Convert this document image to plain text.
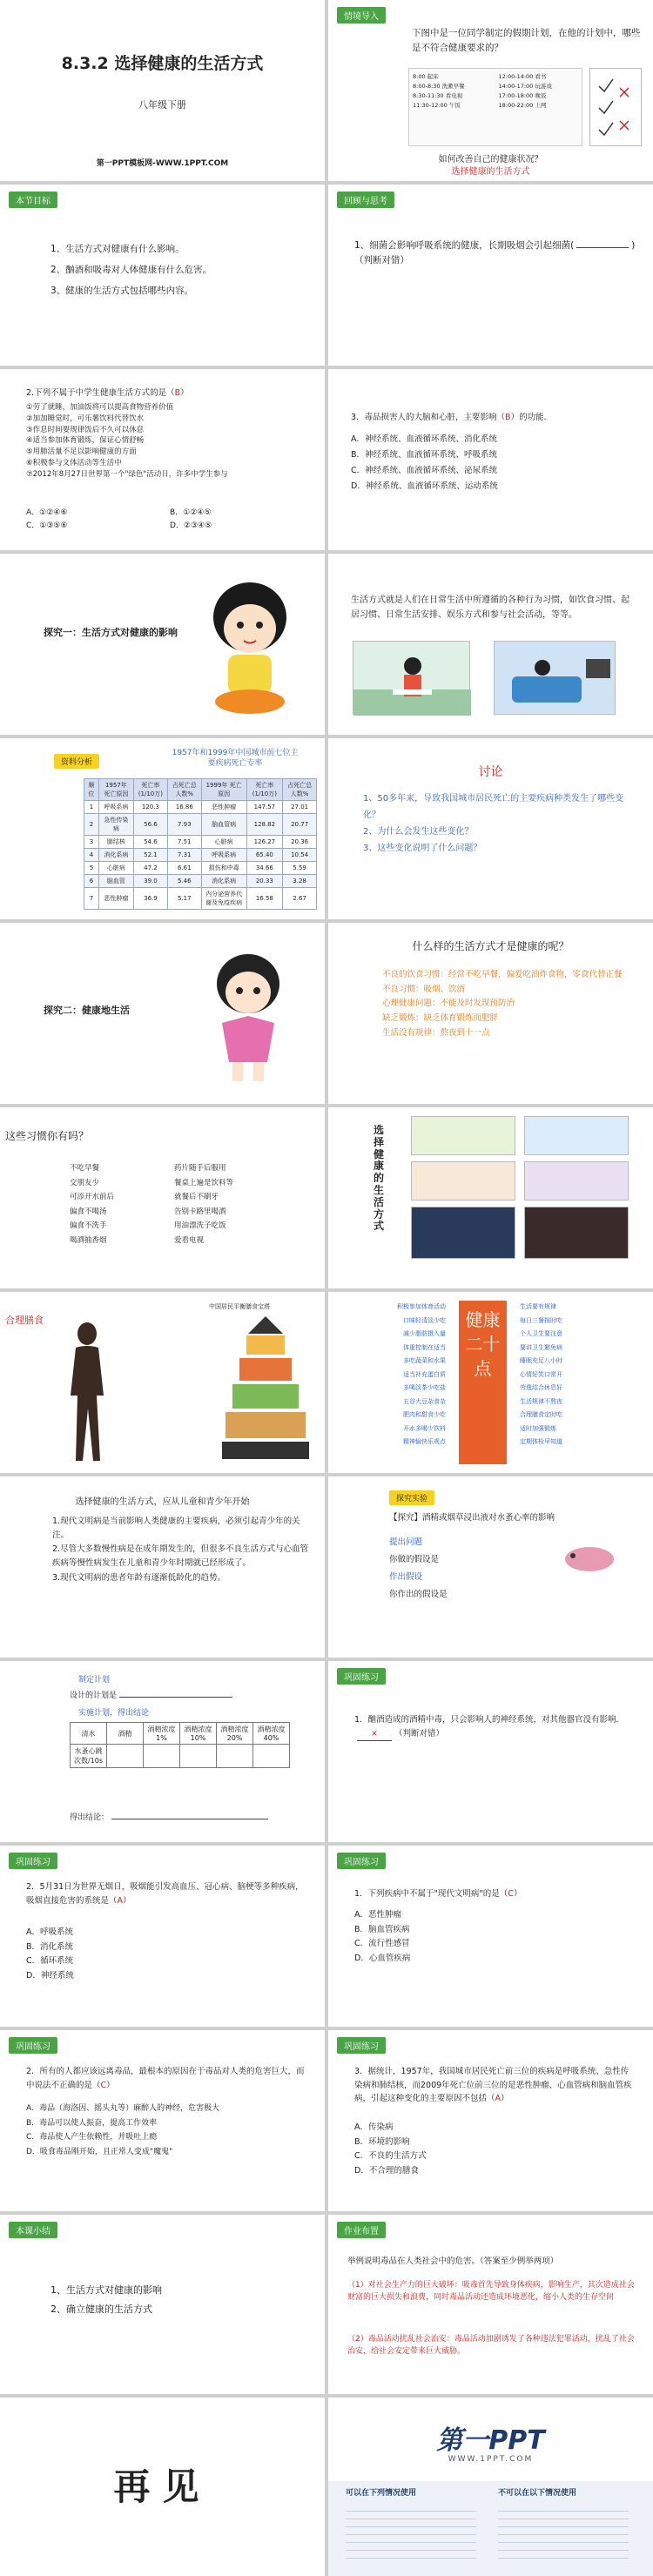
8.3.2 选择健康的生活方式
八年级下册
第一PPT模板网-WWW.1PPT.COM
情境导入
下图中是一位同学制定的假期计划，在他的计划中，哪些是不符合健康要求的？
8:00 起床
8:00-8:30 洗漱早餐
8:30-11:30 看电视
11:30-12:00 午饭
12:00-14:00 看书
14:00-17:00 玩游戏
17:00-18:00 晚饭
18:00-22:00 上网
如何改善自己的健康状况？
选择健康的生活方式
本节目标
1、生活方式对健康有什么影响。
2、酗酒和吸毒对人体健康有什么危害。
3、健康的生活方式包括哪些内容。
回顾与思考
1、细菌会影响呼吸系统的健康，长期吸烟会引起细菌(	)（判断对错）
2.下列不属于中学生健康生活方式的是（B）
①劳了就睡，加油饭将可以提高食物营养价值
②加加睡觉时，可乐薯饮料代替饮水
③作息时间要规律饭后不久可以休息
④适当参加体育锻炼，保证心情舒畅
⑤用肺活量不足以影响健康的方面
⑥积极参与文体活动等生活中
⑦2012年8月27日世界第一个"绿色"活动日，许多中学生参与
A．①②④⑥	B．①②④⑤
C．①③⑤⑥	D．②③④⑤
3．毒品损害人的大脑和心脏，主要影响（B）的功能．
A．神经系统、血液循环系统、消化系统
B．神经系统、血液循环系统、呼吸系统
C．神经系统、血液循环系统、泌尿系统
D．神经系统、血液循环系统、运动系统
探究一：生活方式对健康的影响
生活方式就是人们在日常生活中所遵循的各种行为习惯，如饮食习惯、起居习惯、日常生活安排、娱乐方式和参与社会活动，等等。
资料分析
1957年和1999年中国城市前七位主要疾病死亡专率
顺位	1957年 死亡原因	死亡率(1/10万)	占死亡总人数%	1999年 死亡原因	死亡率(1/10万)	占死亡总人数%
1	呼吸系病	120.3	16.86	恶性肿瘤	147.57	27.01
2	急性传染病	56.6	7.93	脑血管病	128.82	20.77
3	肺结核	54.6	7.51	心脏病	126.27	20.36
4	消化系病	52.1	7.31	呼吸系病	65.40	10.54
5	心脏病	47.2	6.61	损伤和中毒	34.66	5.59
6	脑血管	39.0	5.46	消化系病	20.33	3.28
7	恶性肿瘤	36.9	5.17	内分泌营养代谢及免疫疾病	16.58	2.67
讨论
1、50多年来，导致我国城市居民死亡的主要疾病种类发生了哪些变化？
2、为什么会发生这些变化？
3、这些变化说明了什么问题？
探究二：健康地生活
什么样的生活方式才是健康的呢？
不良的饮食习惯：经常不吃早餐，偏爱吃油炸食物，零食代替正餐
不良习惯：吸烟、饮酒
心理健康问题：不能及时发现预防治
缺乏锻炼：缺乏体育锻炼而肥胖
生活没有规律：熬夜到十一点
这些习惯你有吗？
不吃早餐
交朋友少
可添开水前后
偏食不喝汤
偏食不洗手
喝酒抽香烟
药片随手后服用
餐桌上遍是饮料等
就餐后不刷牙
告别卡路里喝酒
用油漂洗子吃饭
爱看电视
选择健康的生活方式
合理膳食
中国居民平衡膳食宝塔	积极参加体育活动
口味轻清淡少吃
减少脂肪摄入量
体重控制在适当
多吃蔬菜和水果
适当补充蛋白质
多喝淡茶少吃盐
五谷大豆杂食杂
肥肉和甜食少吃
开水多喝少饮料
精神愉快乐观点
健康二十点
生活要有规律
每日三餐按时吃
个人卫生要注意
要讲卫生避免病
睡眠充足八小时
心情好笑口常开
劳逸结合休息好
生活规律不熬夜
合理膳食定时吃
适时加强锻炼
定期体检早知道
选择健康的生活方式，应从儿童和青少年开始
1.现代文明病是当前影响人类健康的主要疾病，必须引起青少年的关注。
2.尽管大多数慢性病是在成年期发生的，但很多不良生活方式与心血管疾病等慢性病发生在儿童和青少年时期就已经形成了。
3.现代文明病的患者年龄有逐渐低龄化的趋势。
探究实验
【探究】酒精或烟草浸出液对水蚤心率的影响
提出问题
你做的假设是
作出假设
你作出的假设是
制定计划
设计的计划是
实施计划，得出结论
清水	酒精	酒精浓度1%	酒精浓度10%	酒精浓度20%	酒精浓度40%
水蚤心跳次数/10s					
得出结论：
巩固练习
1．酗酒造成的酒精中毒，只会影响人的神经系统，对其他器官没有影响．× （判断对错）
巩固练习
2．5月31日为世界无烟日，吸烟能引发高血压、冠心病、脑梗等多种疾病，吸烟直接危害的系统是（A）
A．呼吸系统
B．消化系统
C．循环系统
D．神经系统
巩固练习
1．下列疾病中不属于"现代文明病"的是（C）
A．恶性肿瘤
B．脑血管疾病
C．流行性感冒
D．心血管疾病
巩固练习
2．所有的人都应该远离毒品，最根本的原因在于毒品对人类的危害巨大，而中说法不正确的是（C）
A．毒品（海洛因、摇头丸等）麻醉人的神经，危害极大
B．毒品可以使人振奋，提高工作效率
C．毒品使人产生依赖性，并吸吐上瘾
D．吸食毒品刚开始，且正常人变成"魔鬼"
巩固练习
3．据统计，1957年，我国城市居民死亡前三位的疾病是呼吸系统、急性传染病和肺结核，而2009年死亡位前三位的是恶性肿瘤、心血管病和脑血管疾病，引起这种变化的主要原因不包括（A）
A．传染病
B．环境的影响
C．不良的生活方式
D．不合理的膳食
本课小结
1、生活方式对健康的影响
2、确立健康的生活方式
作业布置
举例说明毒品在人类社会中的危害。（答案至少例举两项）
（1）对社会生产力的巨大破坏：吸毒首先导致身体疾病，影响生产，其次造成社会财富的巨大损失和浪费，同时毒品活动还造成环境恶化，缩小人类的生存空间
（2）毒品活动扰乱社会治安：毒品活动加剧诱发了各种违法犯罪活动，扰乱了社会治安，给社会安定带来巨大威胁。
再见
第一PPT
WWW.1PPT.COM
可以在下列情况使用	不可以在以下情况使用
